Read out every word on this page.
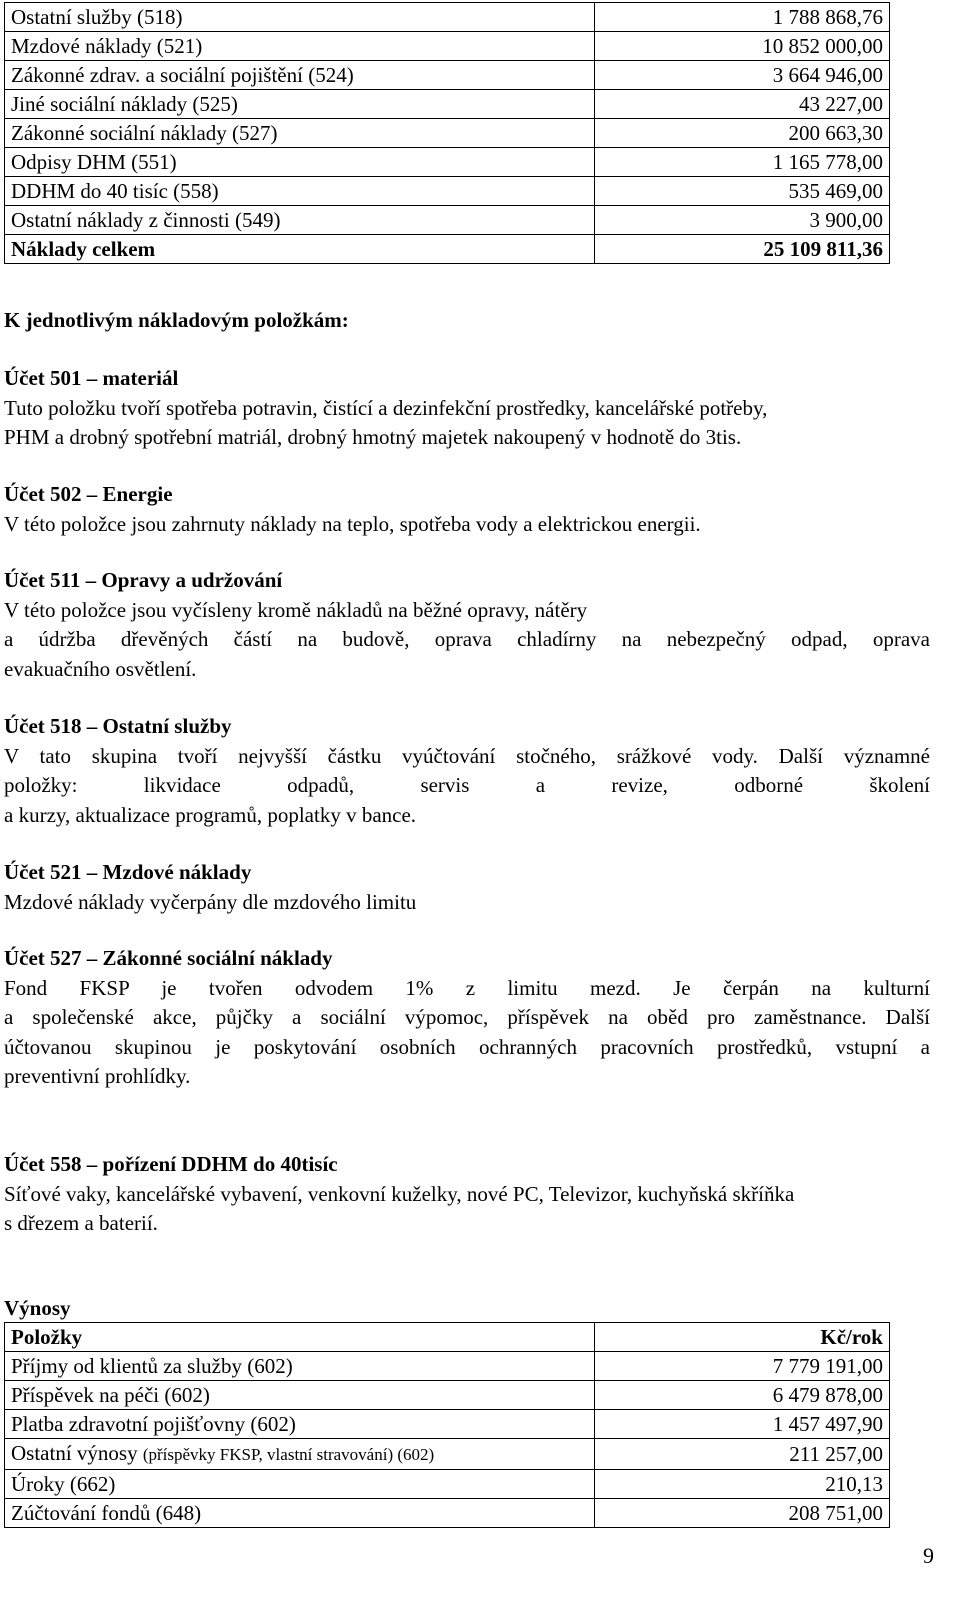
Ostatní služby (518)	1 788 868,76
Mzdové náklady (521)	10 852 000,00
Zákonné zdrav. a sociální pojištění (524)	3 664 946,00
Jiné sociální náklady (525)	43 227,00
Zákonné sociální náklady (527)	200 663,30
Odpisy DHM (551)	1 165 778,00
DDHM do 40 tisíc (558)	535 469,00
Ostatní náklady z činnosti (549)	3 900,00
Náklady celkem	25 109 811,36
K jednotlivým nákladovým položkám:
Účet 501 – materiál
Tuto položku tvoří spotřeba potravin, čistící a dezinfekční prostředky, kancelářské potřeby,
PHM a drobný spotřební matriál, drobný hmotný majetek nakoupený v hodnotě do 3tis.
Účet 502 – Energie
V této položce jsou zahrnuty náklady na teplo, spotřeba vody a elektrickou energii.
Účet 511 – Opravy a udržování
V této položce jsou vyčísleny kromě nákladů na běžné opravy, nátěry
a údržba dřevěných částí na budově, oprava chladírny na nebezpečný odpad, oprava
evakuačního osvětlení.
Účet 518 – Ostatní služby
V tato skupina tvoří nejvyšší částku vyúčtování stočného, srážkové vody. Další významné
položky: likvidace odpadů, servis a revize, odborné školení
a kurzy, aktualizace programů, poplatky v bance.
Účet 521 – Mzdové náklady
Mzdové náklady vyčerpány dle mzdového limitu
Účet 527 – Zákonné sociální náklady
Fond FKSP je tvořen odvodem 1% z limitu mezd. Je čerpán na kulturní
a společenské akce, půjčky a sociální výpomoc, příspěvek na oběd pro zaměstnance. Další
účtovanou skupinou je poskytování osobních ochranných pracovních prostředků, vstupní a
preventivní prohlídky.
Účet 558 – pořízení DDHM do 40tisíc
Síťové vaky, kancelářské vybavení, venkovní kuželky, nové PC, Televizor, kuchyňská skříňka
s dřezem a baterií.
Výnosy
Položky	Kč/rok
Příjmy od klientů za služby (602)	7 779 191,00
Příspěvek na péči (602)	6 479 878,00
Platba zdravotní pojišťovny (602)	1 457 497,90
Ostatní výnosy (příspěvky FKSP, vlastní stravování) (602)	211 257,00
Úroky (662)	210,13
Zúčtování fondů (648)	208 751,00
9
